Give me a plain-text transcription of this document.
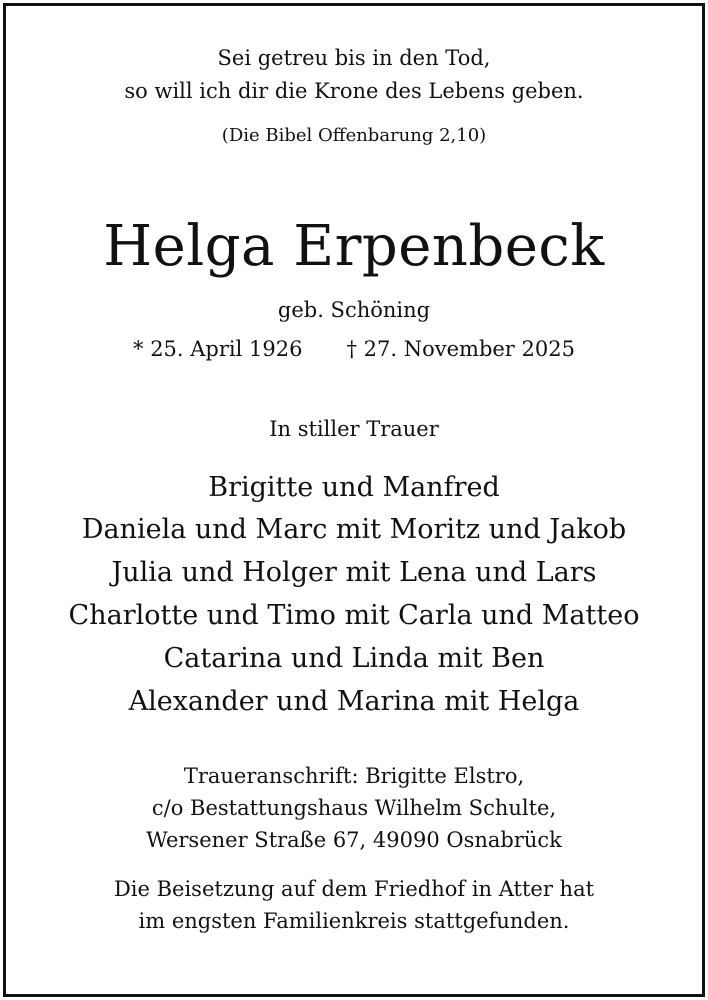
Sei getreu bis in den Tod,
so will ich dir die Krone des Lebens geben.
(Die Bibel Offenbarung 2,10)
Helga Erpenbeck
geb. Schöning
* 25. April 1926 † 27. November 2025
In stiller Trauer
Brigitte und Manfred
Daniela und Marc mit Moritz und Jakob
Julia und Holger mit Lena und Lars
Charlotte und Timo mit Carla und Matteo
Catarina und Linda mit Ben
Alexander und Marina mit Helga
Traueranschrift: Brigitte Elstro,
c/o Bestattungshaus Wilhelm Schulte,
Wersener Straße 67, 49090 Osnabrück
Die Beisetzung auf dem Friedhof in Atter hat
im engsten Familienkreis stattgefunden.
